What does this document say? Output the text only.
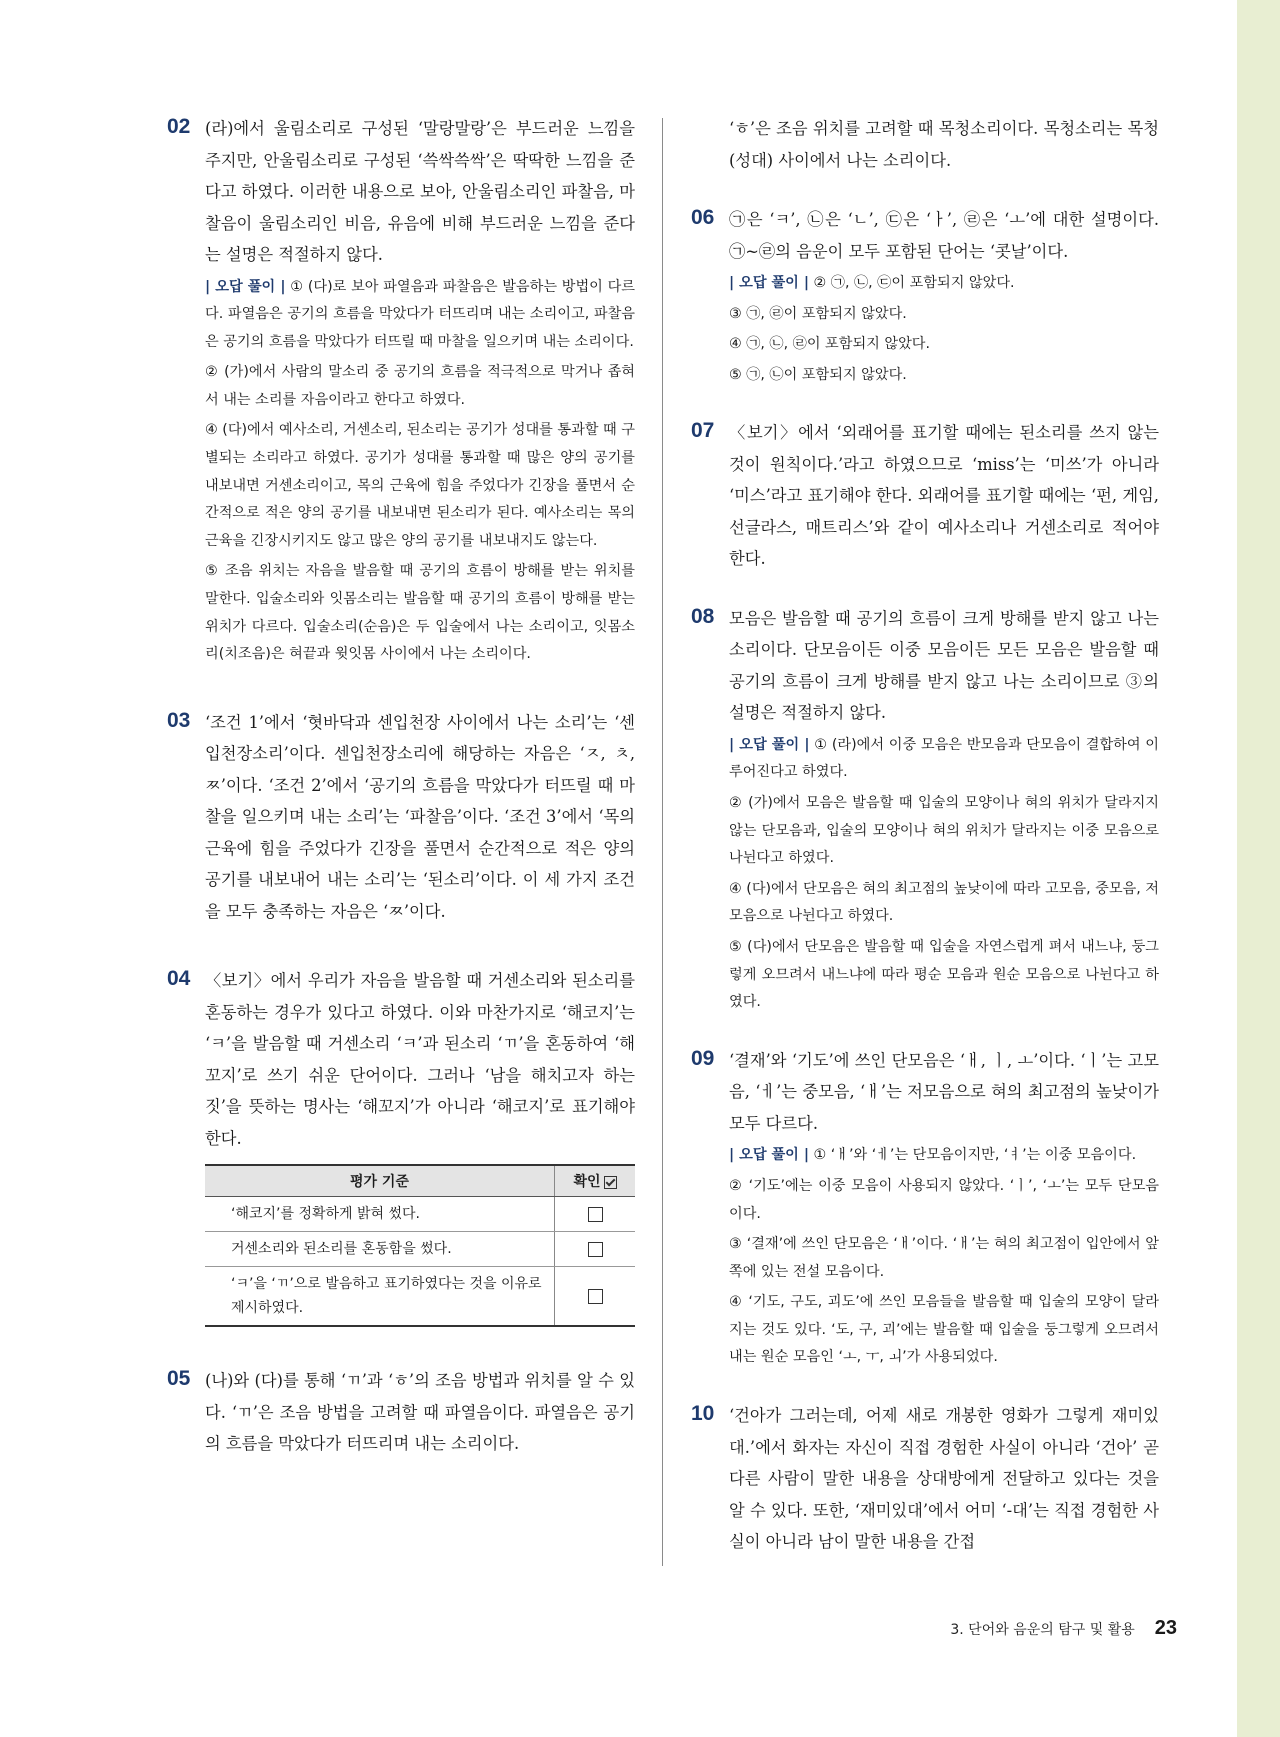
02 (라)에서 울림소리로 구성된 ‘말랑말랑’은 부드러운 느낌을 주지만, 안울림소리로 구성된 ‘쓱싹쓱싹’은 딱딱한 느낌을 준다고 하였다. 이러한 내용으로 보아, 안울림소리인 파찰음, 마찰음이 울림소리인 비음, 유음에 비해 부드러운 느낌을 준다는 설명은 적절하지 않다.

| 오답 풀이 | ① (다)로 보아 파열음과 파찰음은 발음하는 방법이 다르다. 파열음은 공기의 흐름을 막았다가 터뜨리며 내는 소리이고, 파찰음은 공기의 흐름을 막았다가 터뜨릴 때 마찰을 일으키며 내는 소리이다.

② (가)에서 사람의 말소리 중 공기의 흐름을 적극적으로 막거나 좁혀서 내는 소리를 자음이라고 한다고 하였다.

④ (다)에서 예사소리, 거센소리, 된소리는 공기가 성대를 통과할 때 구별되는 소리라고 하였다. 공기가 성대를 통과할 때 많은 양의 공기를 내보내면 거센소리이고, 목의 근육에 힘을 주었다가 긴장을 풀면서 순간적으로 적은 양의 공기를 내보내면 된소리가 된다. 예사소리는 목의 근육을 긴장시키지도 않고 많은 양의 공기를 내보내지도 않는다.

⑤ 조음 위치는 자음을 발음할 때 공기의 흐름이 방해를 받는 위치를 말한다. 입술소리와 잇몸소리는 발음할 때 공기의 흐름이 방해를 받는 위치가 다르다. 입술소리(순음)은 두 입술에서 나는 소리이고, 잇몸소리(치조음)은 혀끝과 윗잇몸 사이에서 나는 소리이다.

03 ‘조건 1’에서 ‘혓바닥과 센입천장 사이에서 나는 소리’는 ‘센입천장소리’이다. 센입천장소리에 해당하는 자음은 ‘ㅈ, ㅊ, ㅉ’이다. ‘조건 2’에서 ‘공기의 흐름을 막았다가 터뜨릴 때 마찰을 일으키며 내는 소리’는 ‘파찰음’이다. ‘조건 3’에서 ‘목의 근육에 힘을 주었다가 긴장을 풀면서 순간적으로 적은 양의 공기를 내보내어 내는 소리’는 ‘된소리’이다. 이 세 가지 조건을 모두 충족하는 자음은 ‘ㅉ’이다.

04 〈보기〉에서 우리가 자음을 발음할 때 거센소리와 된소리를 혼동하는 경우가 있다고 하였다. 이와 마찬가지로 ‘해코지’는 ‘ㅋ’을 발음할 때 거센소리 ‘ㅋ’과 된소리 ‘ㄲ’을 혼동하여 ‘해꼬지’로 쓰기 쉬운 단어이다. 그러나 ‘남을 해치고자 하는 짓’을 뜻하는 명사는 ‘해꼬지’가 아니라 ‘해코지’로 표기해야 한다.

평가 기준	확인
‘해코지’를 정확하게 밝혀 썼다.	
거센소리와 된소리를 혼동함을 썼다.	
‘ㅋ’을 ‘ㄲ’으로 발음하고 표기하였다는 것을 이유로 제시하였다.	
05 (나)와 (다)를 통해 ‘ㄲ’과 ‘ㅎ’의 조음 방법과 위치를 알 수 있다. ‘ㄲ’은 조음 방법을 고려할 때 파열음이다. 파열음은 공기의 흐름을 막았다가 터뜨리며 내는 소리이다.

‘ㅎ’은 조음 위치를 고려할 때 목청소리이다. 목청소리는 목청(성대) 사이에서 나는 소리이다.

06 ㉠은 ‘ㅋ’, ㉡은 ‘ㄴ’, ㉢은 ‘ㅏ’, ㉣은 ‘ㅗ’에 대한 설명이다. ㉠~㉣의 음운이 모두 포함된 단어는 ‘콧날’이다.

| 오답 풀이 | ② ㉠, ㉡, ㉢이 포함되지 않았다.

③ ㉠, ㉣이 포함되지 않았다.

④ ㉠, ㉡, ㉣이 포함되지 않았다.

⑤ ㉠, ㉡이 포함되지 않았다.

07 〈보기〉에서 ‘외래어를 표기할 때에는 된소리를 쓰지 않는 것이 원칙이다.’라고 하였으므로 ‘miss’는 ‘미쓰’가 아니라 ‘미스’라고 표기해야 한다. 외래어를 표기할 때에는 ‘펀, 게임, 선글라스, 매트리스’와 같이 예사소리나 거센소리로 적어야 한다.

08 모음은 발음할 때 공기의 흐름이 크게 방해를 받지 않고 나는 소리이다. 단모음이든 이중 모음이든 모든 모음은 발음할 때 공기의 흐름이 크게 방해를 받지 않고 나는 소리이므로 ③의 설명은 적절하지 않다.

| 오답 풀이 | ① (라)에서 이중 모음은 반모음과 단모음이 결합하여 이루어진다고 하였다.

② (가)에서 모음은 발음할 때 입술의 모양이나 혀의 위치가 달라지지 않는 단모음과, 입술의 모양이나 혀의 위치가 달라지는 이중 모음으로 나뉜다고 하였다.

④ (다)에서 단모음은 혀의 최고점의 높낮이에 따라 고모음, 중모음, 저모음으로 나뉜다고 하였다.

⑤ (다)에서 단모음은 발음할 때 입술을 자연스럽게 펴서 내느냐, 둥그렇게 오므려서 내느냐에 따라 평순 모음과 원순 모음으로 나뉜다고 하였다.

09 ‘결재’와 ‘기도’에 쓰인 단모음은 ‘ㅐ, ㅣ, ㅗ’이다. ‘ㅣ’는 고모음, ‘ㅔ’는 중모음, ‘ㅐ’는 저모음으로 혀의 최고점의 높낮이가 모두 다르다.

| 오답 풀이 | ① ‘ㅐ’와 ‘ㅔ’는 단모음이지만, ‘ㅕ’는 이중 모음이다.

② ‘기도’에는 이중 모음이 사용되지 않았다. ‘ㅣ’, ‘ㅗ’는 모두 단모음이다.

③ ‘결재’에 쓰인 단모음은 ‘ㅐ’이다. ‘ㅐ’는 혀의 최고점이 입안에서 앞쪽에 있는 전설 모음이다.

④ ‘기도, 구도, 괴도’에 쓰인 모음들을 발음할 때 입술의 모양이 달라지는 것도 있다. ‘도, 구, 괴’에는 발음할 때 입술을 둥그렇게 오므려서 내는 원순 모음인 ‘ㅗ, ㅜ, ㅚ’가 사용되었다.

10 ‘건아가 그러는데, 어제 새로 개봉한 영화가 그렇게 재미있대.’에서 화자는 자신이 직접 경험한 사실이 아니라 ‘건아’ 곧 다른 사람이 말한 내용을 상대방에게 전달하고 있다는 것을 알 수 있다. 또한, ‘재미있대’에서 어미 ‘-대’는 직접 경험한 사실이 아니라 남이 말한 내용을 간접

3. 단어와 음운의 탐구 및 활용 23
